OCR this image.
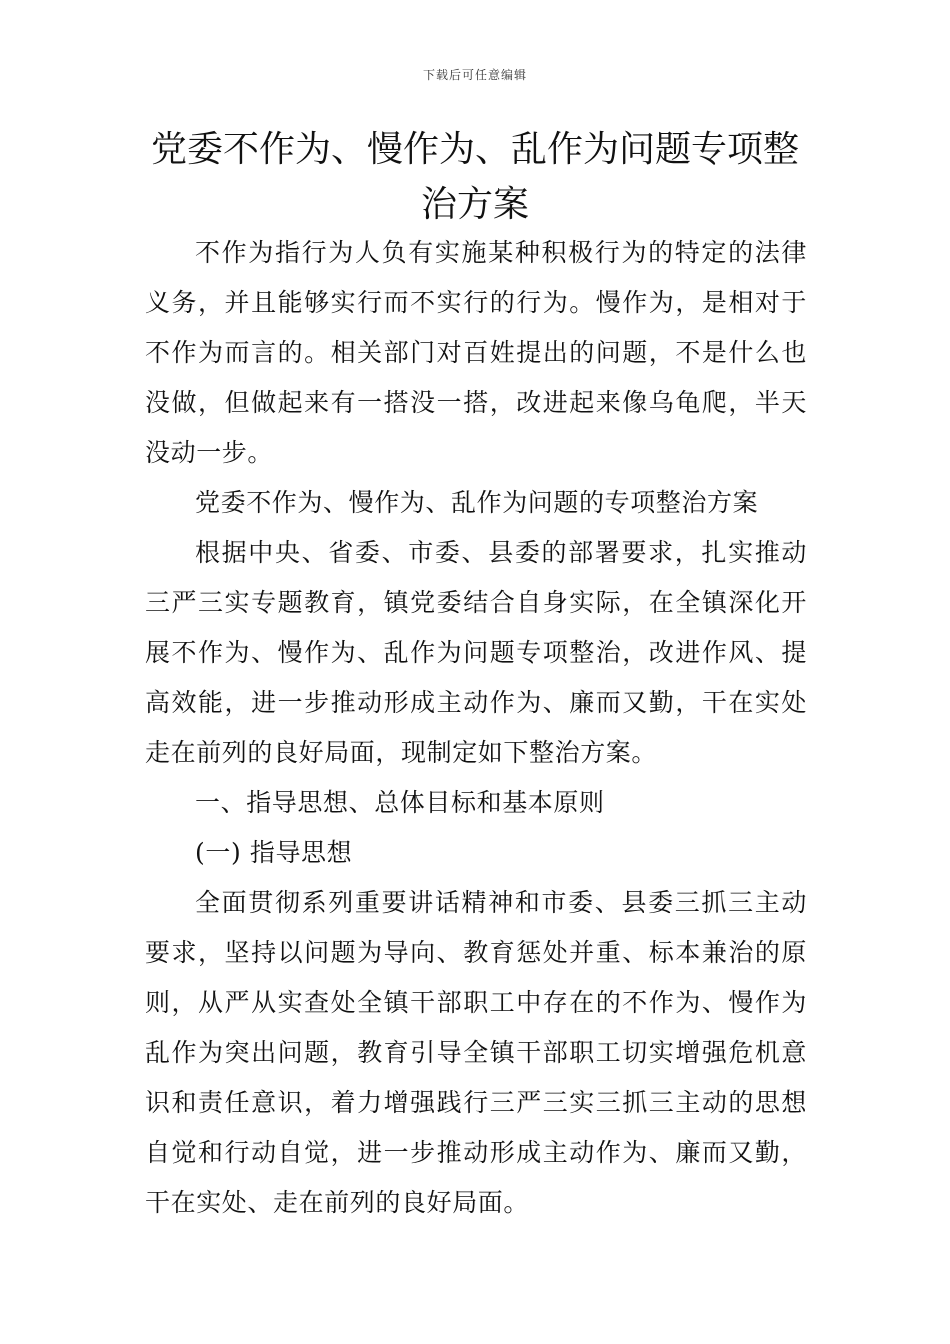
下载后可任意编辑
党委不作为、慢作为、乱作为问题专项整治方案

不作为指行为人负有实施某种积极行为的特定的法律义务，并且能够实行而不实行的行为。慢作为，是相对于不作为而言的。相关部门对百姓提出的问题，不是什么也没做，但做起来有一搭没一搭，改进起来像乌龟爬，半天没动一步。

党委不作为、慢作为、乱作为问题的专项整治方案

根据中央、省委、市委、县委的部署要求，扎实推动三严三实专题教育，镇党委结合自身实际，在全镇深化开展不作为、慢作为、乱作为问题专项整治，改进作风、提高效能，进一步推动形成主动作为、廉而又勤，干在实处走在前列的良好局面，现制定如下整治方案。

一、指导思想、总体目标和基本原则

(一) 指导思想

全面贯彻系列重要讲话精神和市委、县委三抓三主动要求，坚持以问题为导向、教育惩处并重、标本兼治的原则，从严从实查处全镇干部职工中存在的不作为、慢作为乱作为突出问题，教育引导全镇干部职工切实增强危机意识和责任意识，着力增强践行三严三实三抓三主动的思想自觉和行动自觉，进一步推动形成主动作为、廉而又勤，干在实处、走在前列的良好局面。
